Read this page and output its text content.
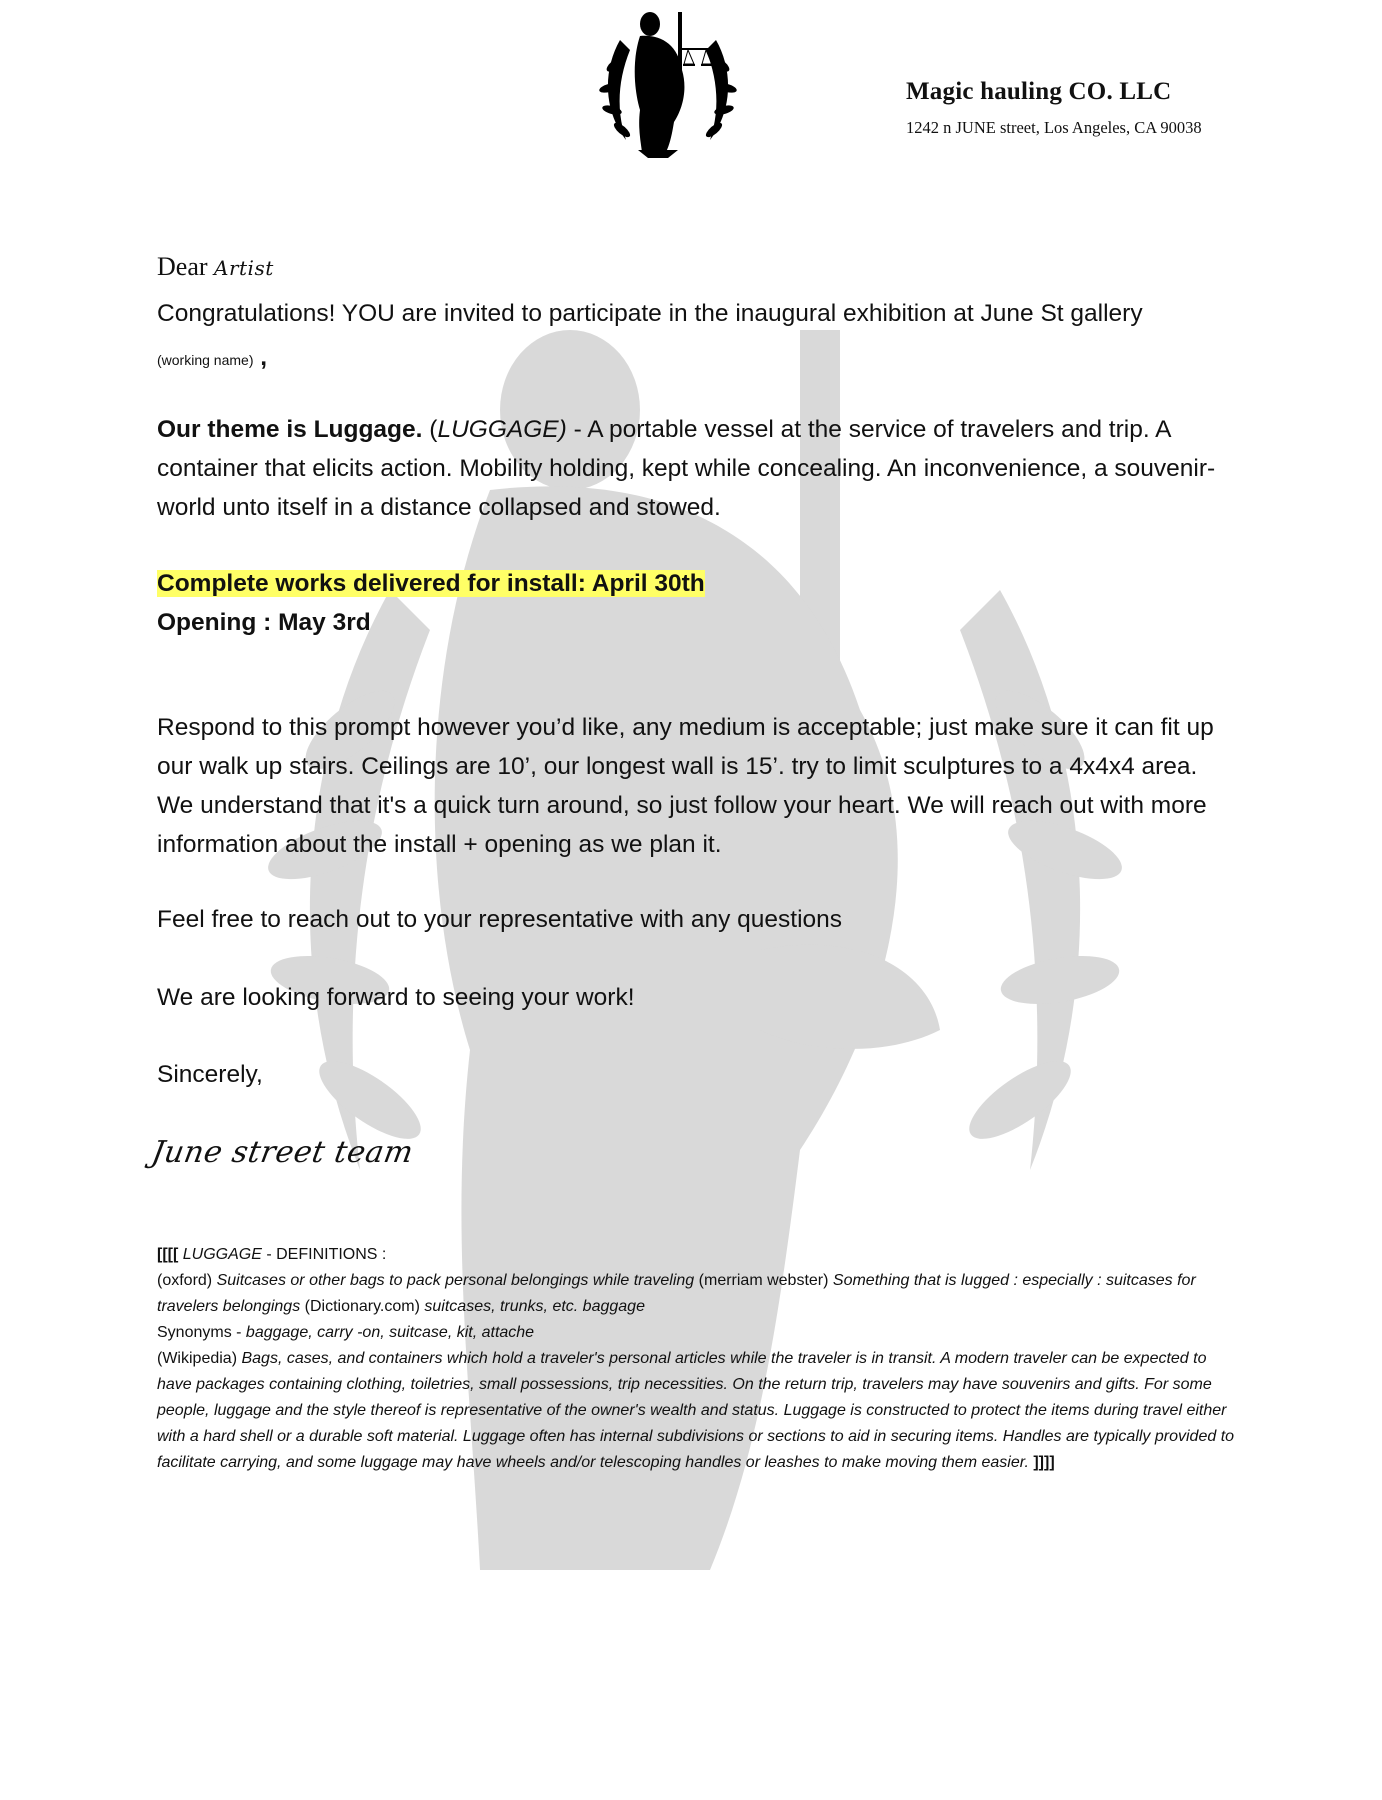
Magic hauling CO. LLC
1242 n JUNE street, Los Angeles, CA 90038
Dear Artist
Congratulations! YOU are invited to participate in the inaugural exhibition at June St gallery
(working name) ,
Our theme is Luggage. (LUGGAGE) - A portable vessel at the service of travelers and trip. A container that elicits action. Mobility holding, kept while concealing. An inconvenience, a souvenir-world unto itself in a distance collapsed and stowed.
Complete works delivered for install: April 30th
Opening : May 3rd
Respond to this prompt however you’d like, any medium is acceptable; just make sure it can fit up our walk up stairs. Ceilings are 10’, our longest wall is 15’. try to limit sculptures to a 4x4x4 area. We understand that it's a quick turn around, so just follow your heart. We will reach out with more information about the install + opening as we plan it.
Feel free to reach out to your representative with any questions
We are looking forward to seeing your work!
Sincerely,
June street team
[[[[ LUGGAGE - DEFINITIONS :
(oxford) Suitcases or other bags to pack personal belongings while traveling (merriam webster) Something that is lugged : especially : suitcases for travelers belongings (Dictionary.com) suitcases, trunks, etc. baggage
Synonyms - baggage, carry -on, suitcase, kit, attache
(Wikipedia) Bags, cases, and containers which hold a traveler's personal articles while the traveler is in transit. A modern traveler can be expected to have packages containing clothing, toiletries, small possessions, trip necessities. On the return trip, travelers may have souvenirs and gifts. For some people, luggage and the style thereof is representative of the owner's wealth and status. Luggage is constructed to protect the items during travel either with a hard shell or a durable soft material. Luggage often has internal subdivisions or sections to aid in securing items. Handles are typically provided to facilitate carrying, and some luggage may have wheels and/or telescoping handles or leashes to make moving them easier. ]]]]
